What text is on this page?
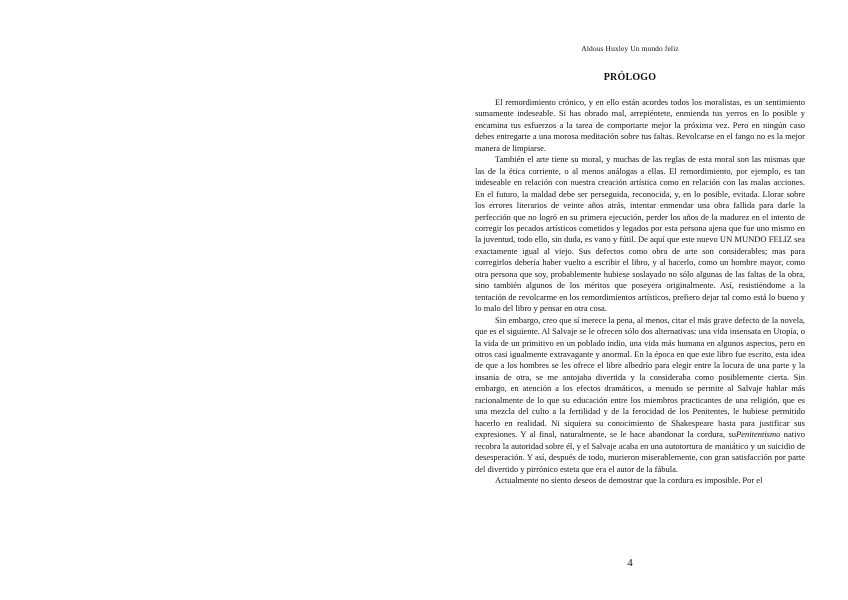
Aldous Huxley Un mundo feliz
PRÓLOGO

El remordimiento crónico, y en ello están acordes todos los moralistas, es un sentimiento sumamente indeseable. Si has obrado mal, arrepiéntete, enmienda tus yerros en lo posible y encamina tus esfuerzos a la tarea de comportarte mejor la próxima vez. Pero en ningún caso debes entregarte a una morosa meditación sobre tus faltas. Revolcarse en el fango no es la mejor manera de limpiarse.

También el arte tiene su moral, y muchas de las reglas de esta moral son las mismas que las de la ética corriente, o al menos análogas a ellas. El remordimiento, por ejemplo, es tan indeseable en relación con nuestra creación artística como en relación con las malas acciones. En el futuro, la maldad debe ser perseguida, reconocida, y, en lo posible, evitada. Llorar sobre los errores literarios de veinte años atrás, intentar enmendar una obra fallida para darle la perfección que no logró en su primera ejecución, perder los años de la madurez en el intento de corregir los pecados artísticos cometidos y legados por esta persona ajena que fue uno mismo en la juventud, todo ello, sin duda, es vano y fútil. De aquí que este nuevo UN MUNDO FELIZ sea exactamente igual al viejo. Sus defectos como obra de arte son considerables; mas para corregirlos debería haber vuelto a escribir el libro, y al hacerlo, como un hombre mayor, como otra persona que soy, probablemente hubiese soslayado no sólo algunas de las faltas de la obra, sino también algunos de los méritos que poseyera originalmente. Así, resistiéndome a la tentación de revolcarme en los remordimientos artísticos, prefiero dejar tal como está lo bueno y lo malo del libro y pensar en otra cosa.

Sin embargo, creo que sí merece la pena, al menos, citar el más grave defecto de la novela, que es el siguiente. Al Salvaje se le ofrecen sólo dos alternativas: una vida insensata en Utopía, o la vida de un primitivo en un poblado indio, una vida más humana en algunos aspectos, pero en otros casi igualmente extravagante y anormal. En la época en que este libro fue escrito, esta idea de que a los hombres se les ofrece el libre albedrío para elegir entre la locura de una parte y la insania de otra, se me antojaba divertida y la consideraba como posiblemente cierta. Sin embargo, en atención a los efectos dramáticos, a menudo se permite al Salvaje hablar más racionalmente de lo que su educación entre los miembros practicantes de una religión, que es una mezcla del culto a la fertilidad y de la ferocidad de los Penitentes, le hubiese permitido hacerlo en realidad. Ni siquiera su conocimiento de Shakespeare basta para justificar sus expresiones. Y al final, naturalmente, se le hace abandonar la cordura, suPenitentismo nativo recobra la autoridad sobre él, y el Salvaje acaba en una autotortura de maniático y un suicidio de desesperación. Y así, después de todo, murieron miserablemente, con gran satisfacción por parte del divertido y pirrónico esteta que era el autor de la fábula.

Actualmente no siento deseos de demostrar que la cordura es imposible. Por el

4
